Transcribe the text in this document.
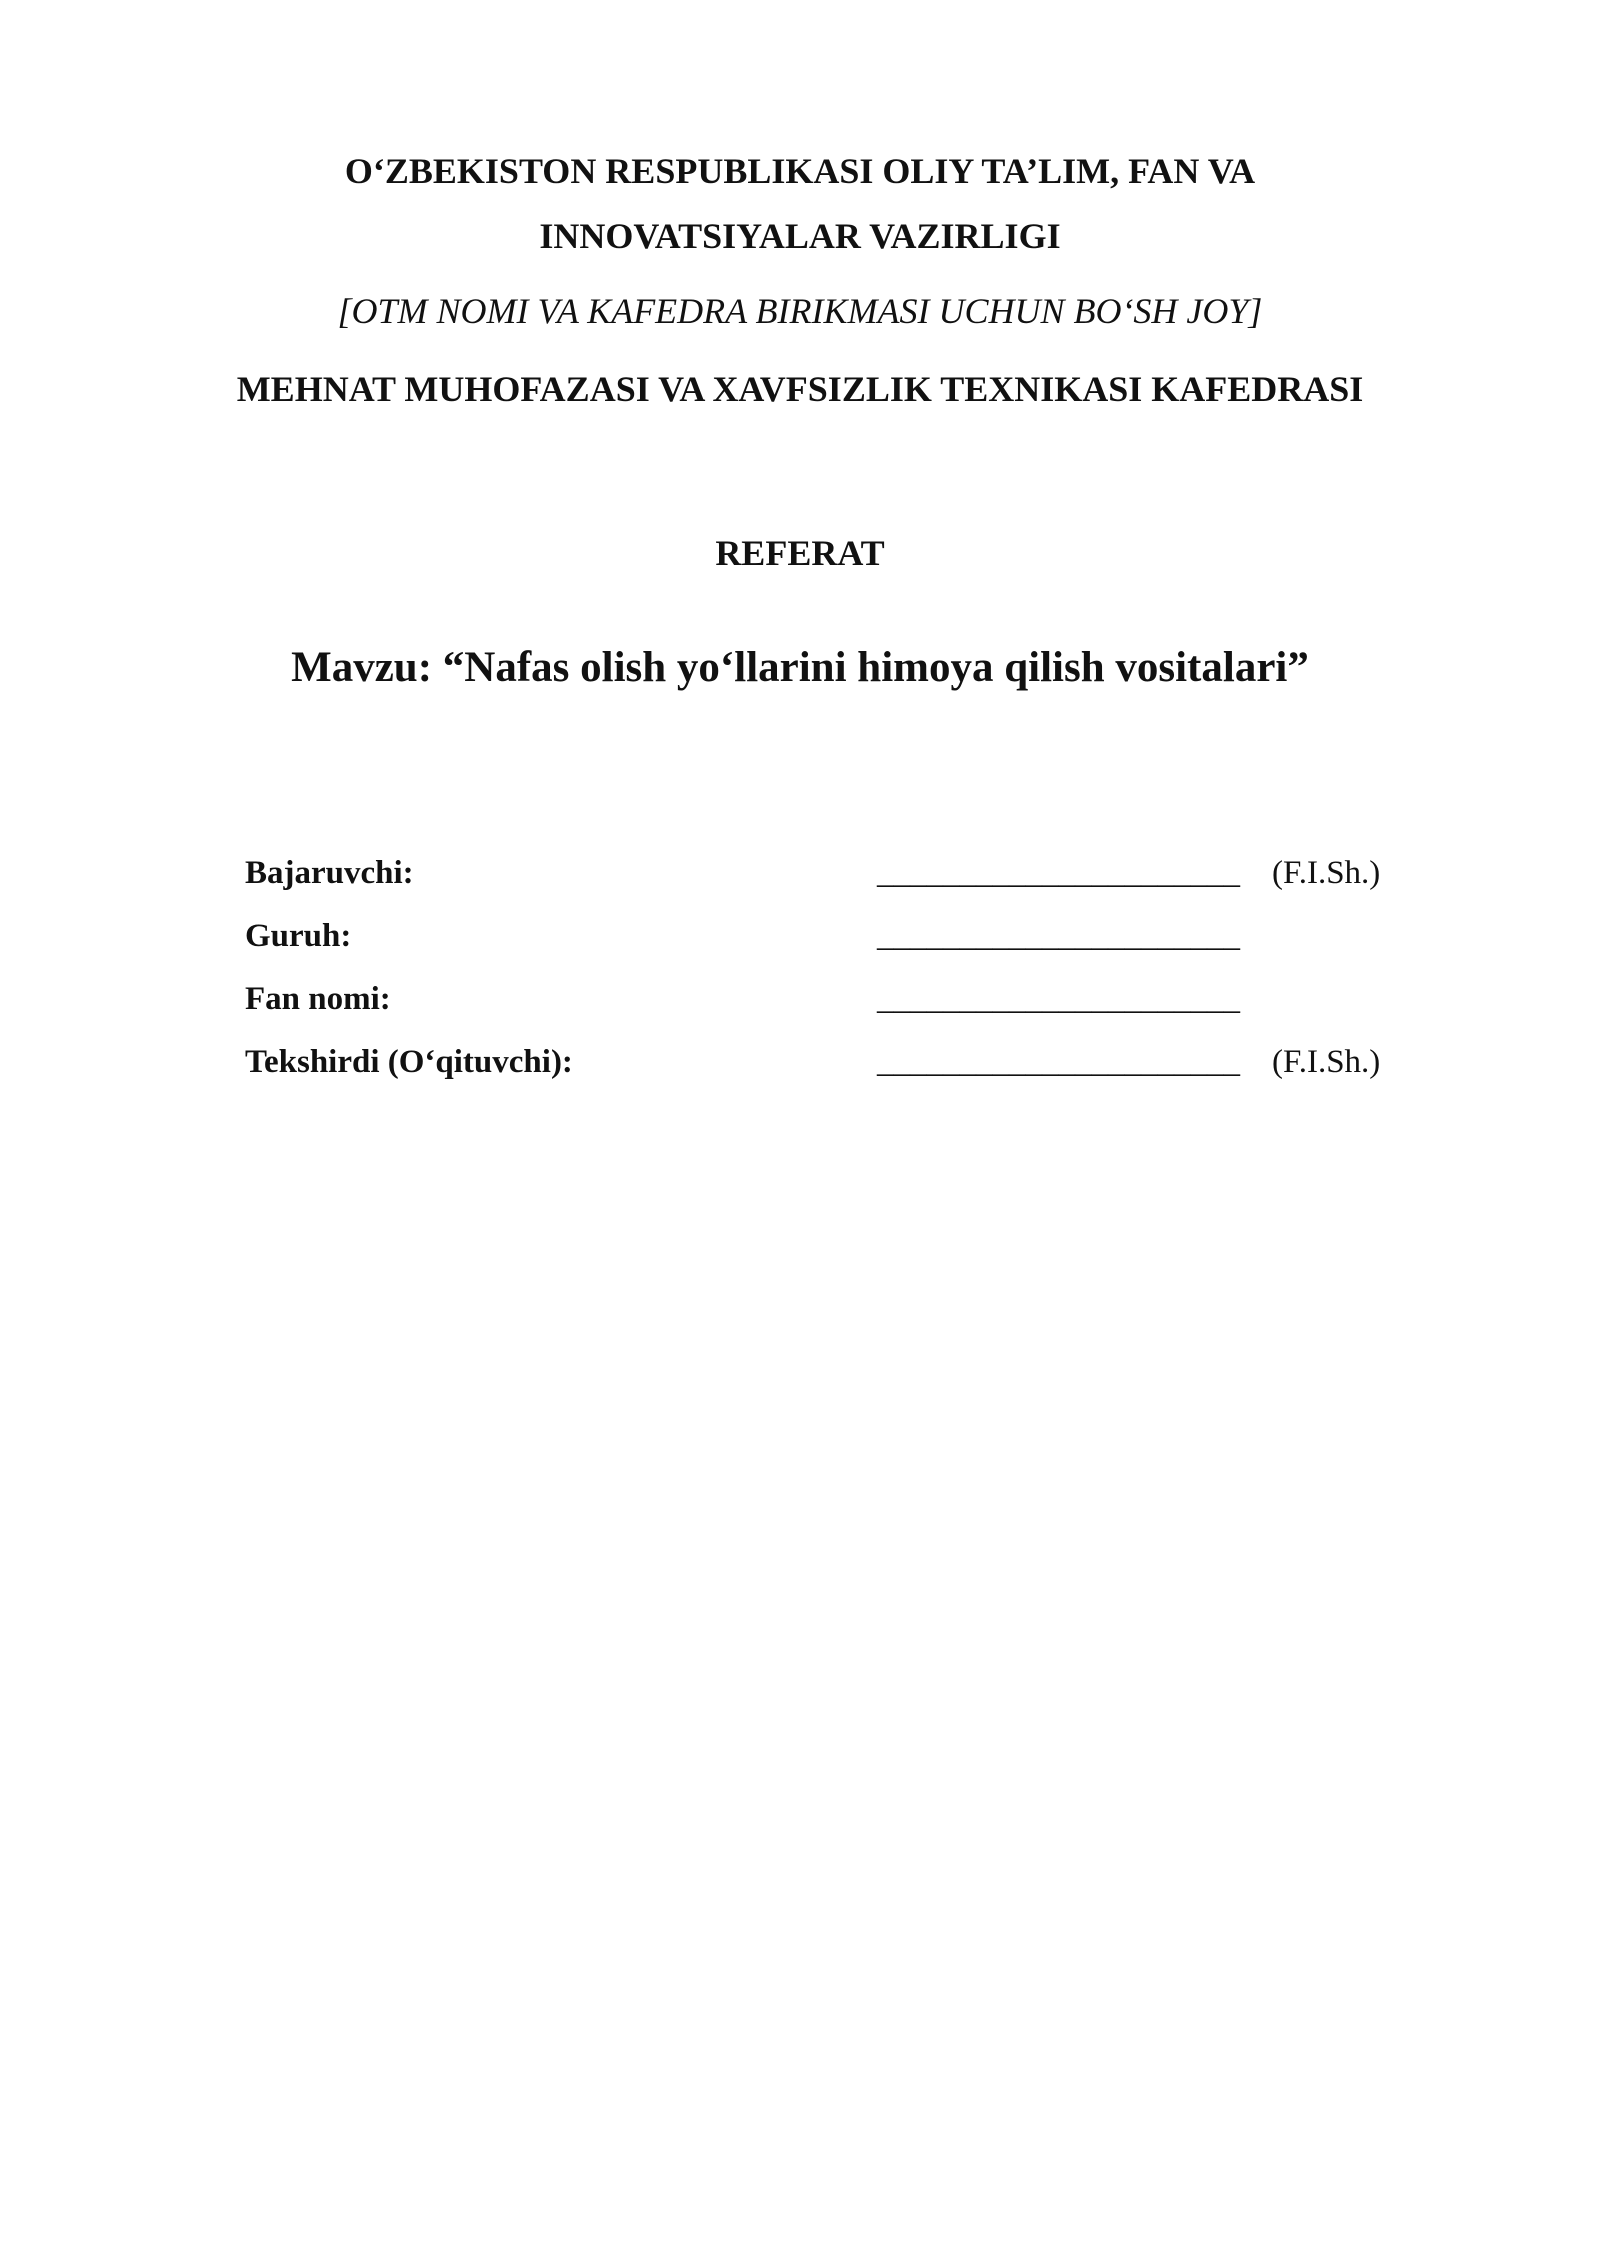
O‘ZBEKISTON RESPUBLIKASI OLIY TA’LIM, FAN VA
INNOVATSIYALAR VAZIRLIGI
[OTM NOMI VA KAFEDRA BIRIKMASI UCHUN BO‘SH JOY]
MEHNAT MUHOFAZASI VA XAVFSIZLIK TEXNIKASI KAFEDRASI
REFERAT
Mavzu: “Nafas olish yo‘llarini himoya qilish vositalari”
Bajaruvchi:	______________________ (F.I.Sh.)
Guruh:	______________________
Fan nomi:	______________________
Tekshirdi (O‘qituvchi):	______________________ (F.I.Sh.)
